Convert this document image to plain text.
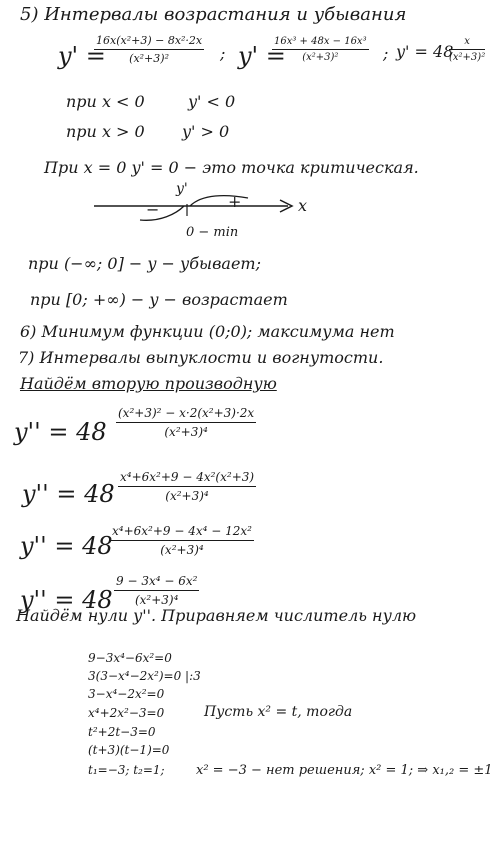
5) Интервалы возрастания и убывания
y' =
$\frac{\text{16x(x²+3) − 8x²·2x}}{\text{(x²+3)²}}$ ; y' =
$\frac{\text{16x³ + 48x − 16x³}}{\text{(x²+3)²}}$ ; y' = 48
$\frac{x}{\text{(x²+3)²}}$
при x < 0	y' < 0
при x > 0 y' > 0
При x = 0 y' = 0 − это точка критическая.
y'
−	+	x
0 − min
при (−∞; 0] − y − убывает;
при [0; +∞) − y − возрастает
6) Минимум функции (0;0); максимума нет
7) Интервалы выпуклости и вогнутости.
Найдём вторую производную
$y'' = 48 \frac{\text{(x²+3)² − x·2(x²+3)·2x}}{\text{(x²+3)⁴}}$
$y'' = 48 \frac{\text{x⁴+6x²+9 − 4x²(x²+3)}}{\text{(x²+3)⁴}}$
y'' = 48
$\frac{\text{x⁴+6x²+9 − 4x⁴ − 12x²}}{\text{(x²+3)⁴}}$
$y'' = 48 \frac{\text{9 − 3x⁴ − 6x²}}{\text{(x²+3)⁴}}$
Найдём нули y''. Приравняем числитель нулю
9−3x⁴−6x²=0
3(3−x⁴−2x²)=0 |:3
3−x⁴−2x²=0
x⁴+2x²−3=0
t²+2t−3=0
(t+3)(t−1)=0
t₁=−3; t₂=1;
Пусть x² = t, тогда
x² = −3 − нет решения; x² = 1; ⇒ x₁,₂ = ±1
